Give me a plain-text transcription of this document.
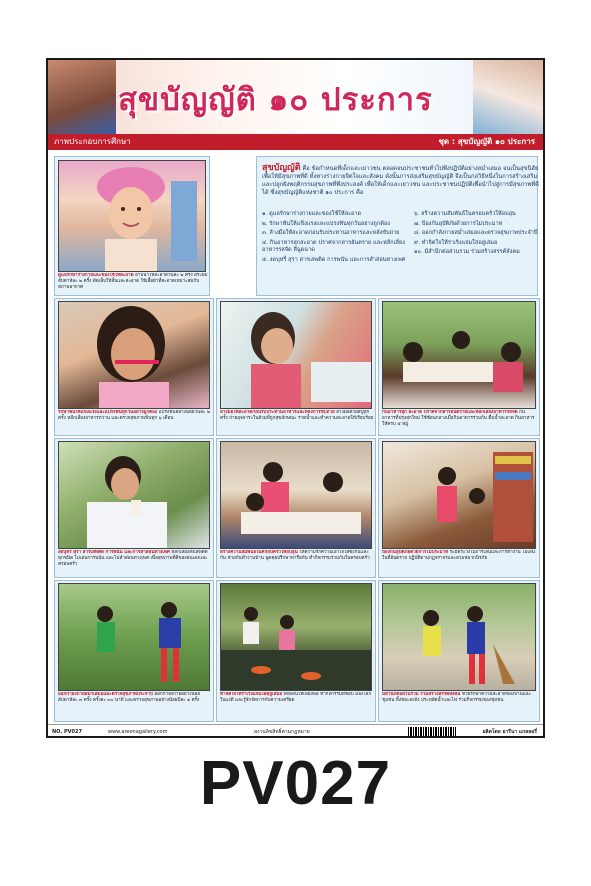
สุขบัญญัติ ๑๐ ประการ
ภาพประกอบการศึกษา	ชุด : สุขบัญญัติ ๑๐ ประการ
ดูแลรักษาร่างกายและของใช้ให้สะอาด อาบน้ำให้สะอาดวันละ ๒ ครั้ง สระผมสัปดาห์ละ ๒ ครั้ง ตัดเล็บให้สั้นและสะอาด ใช้เสื้อผ้าที่สะอาดเหมาะสมกับสภาพอากาศ
สุขบัญญัติ คือ ข้อกำหนดที่เด็กและเยาวชน ตลอดจนประชาชนทั่วไปพึงปฏิบัติอย่างสม่ำเสมอ จนเป็นสุขนิสัย เพื่อให้มีสุขภาพที่ดี ทั้งทางร่างกายจิตใจและสังคม ดังนั้นการส่งเสริมสุขบัญญัติ จึงเป็นกลวิธีหนึ่งในการสร้างเสริมและปลูกฝังพฤติกรรมสุขภาพที่พึงประสงค์ เพื่อให้เด็กและเยาวชน และประชาชนปฏิบัติเพื่อนำไปสู่การมีสุขภาพที่ดีได้ ซึ่งสุขบัญญัติแห่งชาติ ๑๐ ประการ คือ
๑. ดูแลรักษาร่างกายและของใช้ให้สะอาด
๒. รักษาฟันให้แข็งแรงและแปรงฟันทุกวันอย่างถูกต้อง
๓. ล้างมือให้สะอาดก่อนรับประทานอาหารและหลังขับถ่าย
๔. กินอาหารสุกสะอาด ปราศจากสารอันตราย และหลีกเลี่ยงอาหารรสจัด สีฉูดฉาด
๕. งดบุหรี่ สุรา สารเสพติด การพนัน และการสำส่อนทางเพศ
๖. สร้างความสัมพันธ์ในครอบครัวให้อบอุ่น
๗. ป้องกันอุบัติภัยด้วยการไม่ประมาท
๘. ออกกำลังกายสม่ำเสมอและตรวจสุขภาพประจำปี
๙. ทำจิตใจให้ร่าเริงแจ่มใสอยู่เสมอ
๑๐. มีสำนึกต่อส่วนรวม ร่วมสร้างสรรค์สังคม
รักษาฟันให้แข็งแรงและแปรงฟันทุกวันอย่างถูกต้อง แปรงฟันอย่างน้อยวันละ ๒ ครั้ง หลีกเลี่ยงอาหารหวาน และตรวจสุขภาพฟันทุก ๖ เดือน
ล้างมือให้สะอาดก่อนรับประทานอาหารและหลังการขับถ่าย ล้างมือด้วยสบู่ทุกครั้ง ถ่ายอุจจาระในส้วมที่ถูกสุขลักษณะ ราดน้ำและทำความสะอาดให้เรียบร้อย
กินอาหารสุก สะอาด ปราศจากสารอันตรายและหลีกเลี่ยงอาหารรสจัด กินอาหารที่ปรุงสุกใหม่ ใช้ช้อนกลางเมื่อกินอาหารร่วมกัน ดื่มน้ำสะอาด กินอาหารให้ครบ ๕ หมู่
งดบุหรี่ สุรา สารเสพติด การพนัน และการสำส่อนทางเพศ หลีกเลี่ยงสิ่งเสพติดทุกชนิด ไม่เล่นการพนัน และไม่สำส่อนทางเพศ เพื่อสุขภาพที่ดีของตนเองและครอบครัว
สร้างความสัมพันธ์ในครอบครัวให้อบอุ่น ให้ความรักความเอาใจใส่ซึ่งกันและกัน ช่วยกันทำงานบ้าน พูดคุยปรึกษาหารือกัน ทำกิจกรรมร่วมกันในครอบครัว
ป้องกันอุบัติภัยด้วยการไม่ประมาท ระมัดระวังในการเล่นและการทำงาน ไม่เล่นในที่อันตราย ปฏิบัติตามกฎจราจรและสวมหมวกนิรภัย
ออกกำลังกายสม่ำเสมอและตรวจสุขภาพประจำปี ออกกำลังกายอย่างน้อยสัปดาห์ละ ๓ ครั้ง ครั้งละ ๓๐ นาที และตรวจสุขภาพอย่างน้อยปีละ ๑ ครั้ง
ทำจิตใจให้ร่าเริงแจ่มใสอยู่เสมอ พักผ่อนให้เพียงพอ ทำกิจกรรมที่ชอบ มองโลกในแง่ดี และรู้จักจัดการกับความเครียด
มีสำนึกต่อส่วนรวม ร่วมสร้างสรรค์สังคม ช่วยรักษาความสะอาดของบ้านและชุมชน ทิ้งขยะลงถัง ประหยัดน้ำและไฟ ร่วมกิจกรรมของชุมชน
NO. PV027	www.areenagallery.com	สงวนลิขสิทธิ์ตามกฎหมาย	ผลิตโดย อารีนา แกลลอรี่
PV027
